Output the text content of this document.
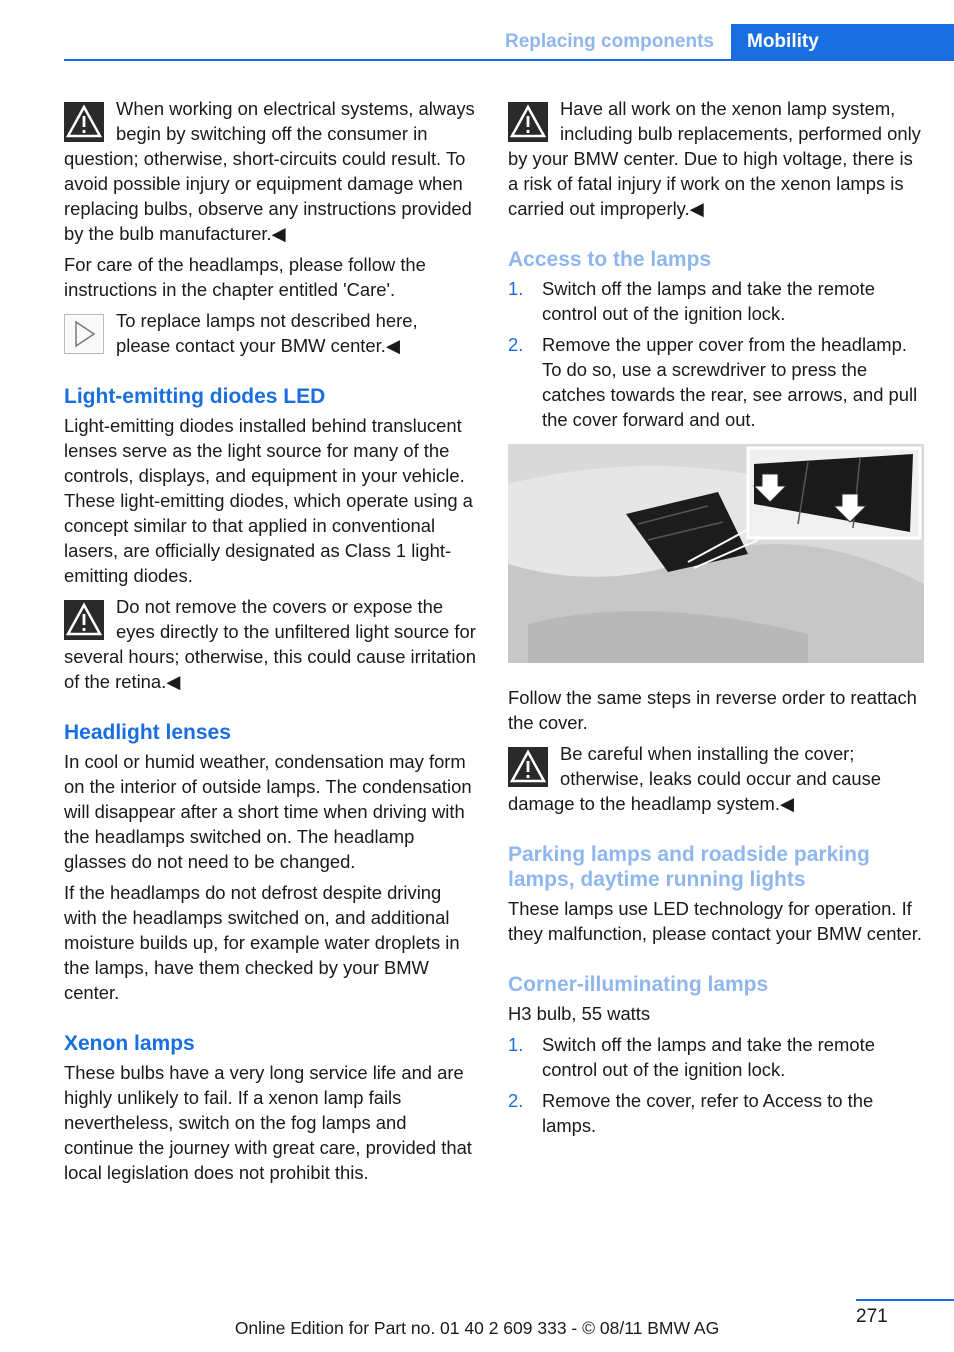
Replacing components	Mobility
When working on electrical systems, always begin by switching off the consumer in question; otherwise, short-circuits could result. To avoid possible injury or equipment damage when replacing bulbs, observe any instructions provided by the bulb manufacturer.◀

For care of the headlamps, please follow the instructions in the chapter entitled 'Care'.

To replace lamps not described here, please contact your BMW center.◀
Light-emitting diodes LED

Light-emitting diodes installed behind translucent lenses serve as the light source for many of the controls, displays, and equipment in your vehicle. These light-emitting diodes, which operate using a concept similar to that applied in conventional lasers, are officially designated as Class 1 light-emitting diodes.

Do not remove the covers or expose the eyes directly to the unfiltered light source for several hours; otherwise, this could cause irritation of the retina.◀
Headlight lenses

In cool or humid weather, condensation may form on the interior of outside lamps. The condensation will disappear after a short time when driving with the headlamps switched on. The headlamp glasses do not need to be changed.

If the headlamps do not defrost despite driving with the headlamps switched on, and additional moisture builds up, for example water droplets in the lamps, have them checked by your BMW center.

Xenon lamps

These bulbs have a very long service life and are highly unlikely to fail. If a xenon lamp fails nevertheless, switch on the fog lamps and continue the journey with great care, provided that local legislation does not prohibit this.

Have all work on the xenon lamp system, including bulb replacements, performed only by your BMW center. Due to high voltage, there is a risk of fatal injury if work on the xenon lamps is carried out improperly.◀
Access to the lamps
1. Switch off the lamps and take the remote control out of the ignition lock.
2. Remove the upper cover from the headlamp. To do so, use a screwdriver to press the catches towards the rear, see arrows, and pull the cover forward and out.

Follow the same steps in reverse order to reattach the cover.

Be careful when installing the cover; otherwise, leaks could occur and cause damage to the headlamp system.◀
Parking lamps and roadside parking lamps, daytime running lights

These lamps use LED technology for operation. If they malfunction, please contact your BMW center.

Corner-illuminating lamps

H3 bulb, 55 watts

1. Switch off the lamps and take the remote control out of the ignition lock.
2. Remove the cover, refer to Access to the lamps.
271
Online Edition for Part no. 01 40 2 609 333 - © 08/11 BMW AG
